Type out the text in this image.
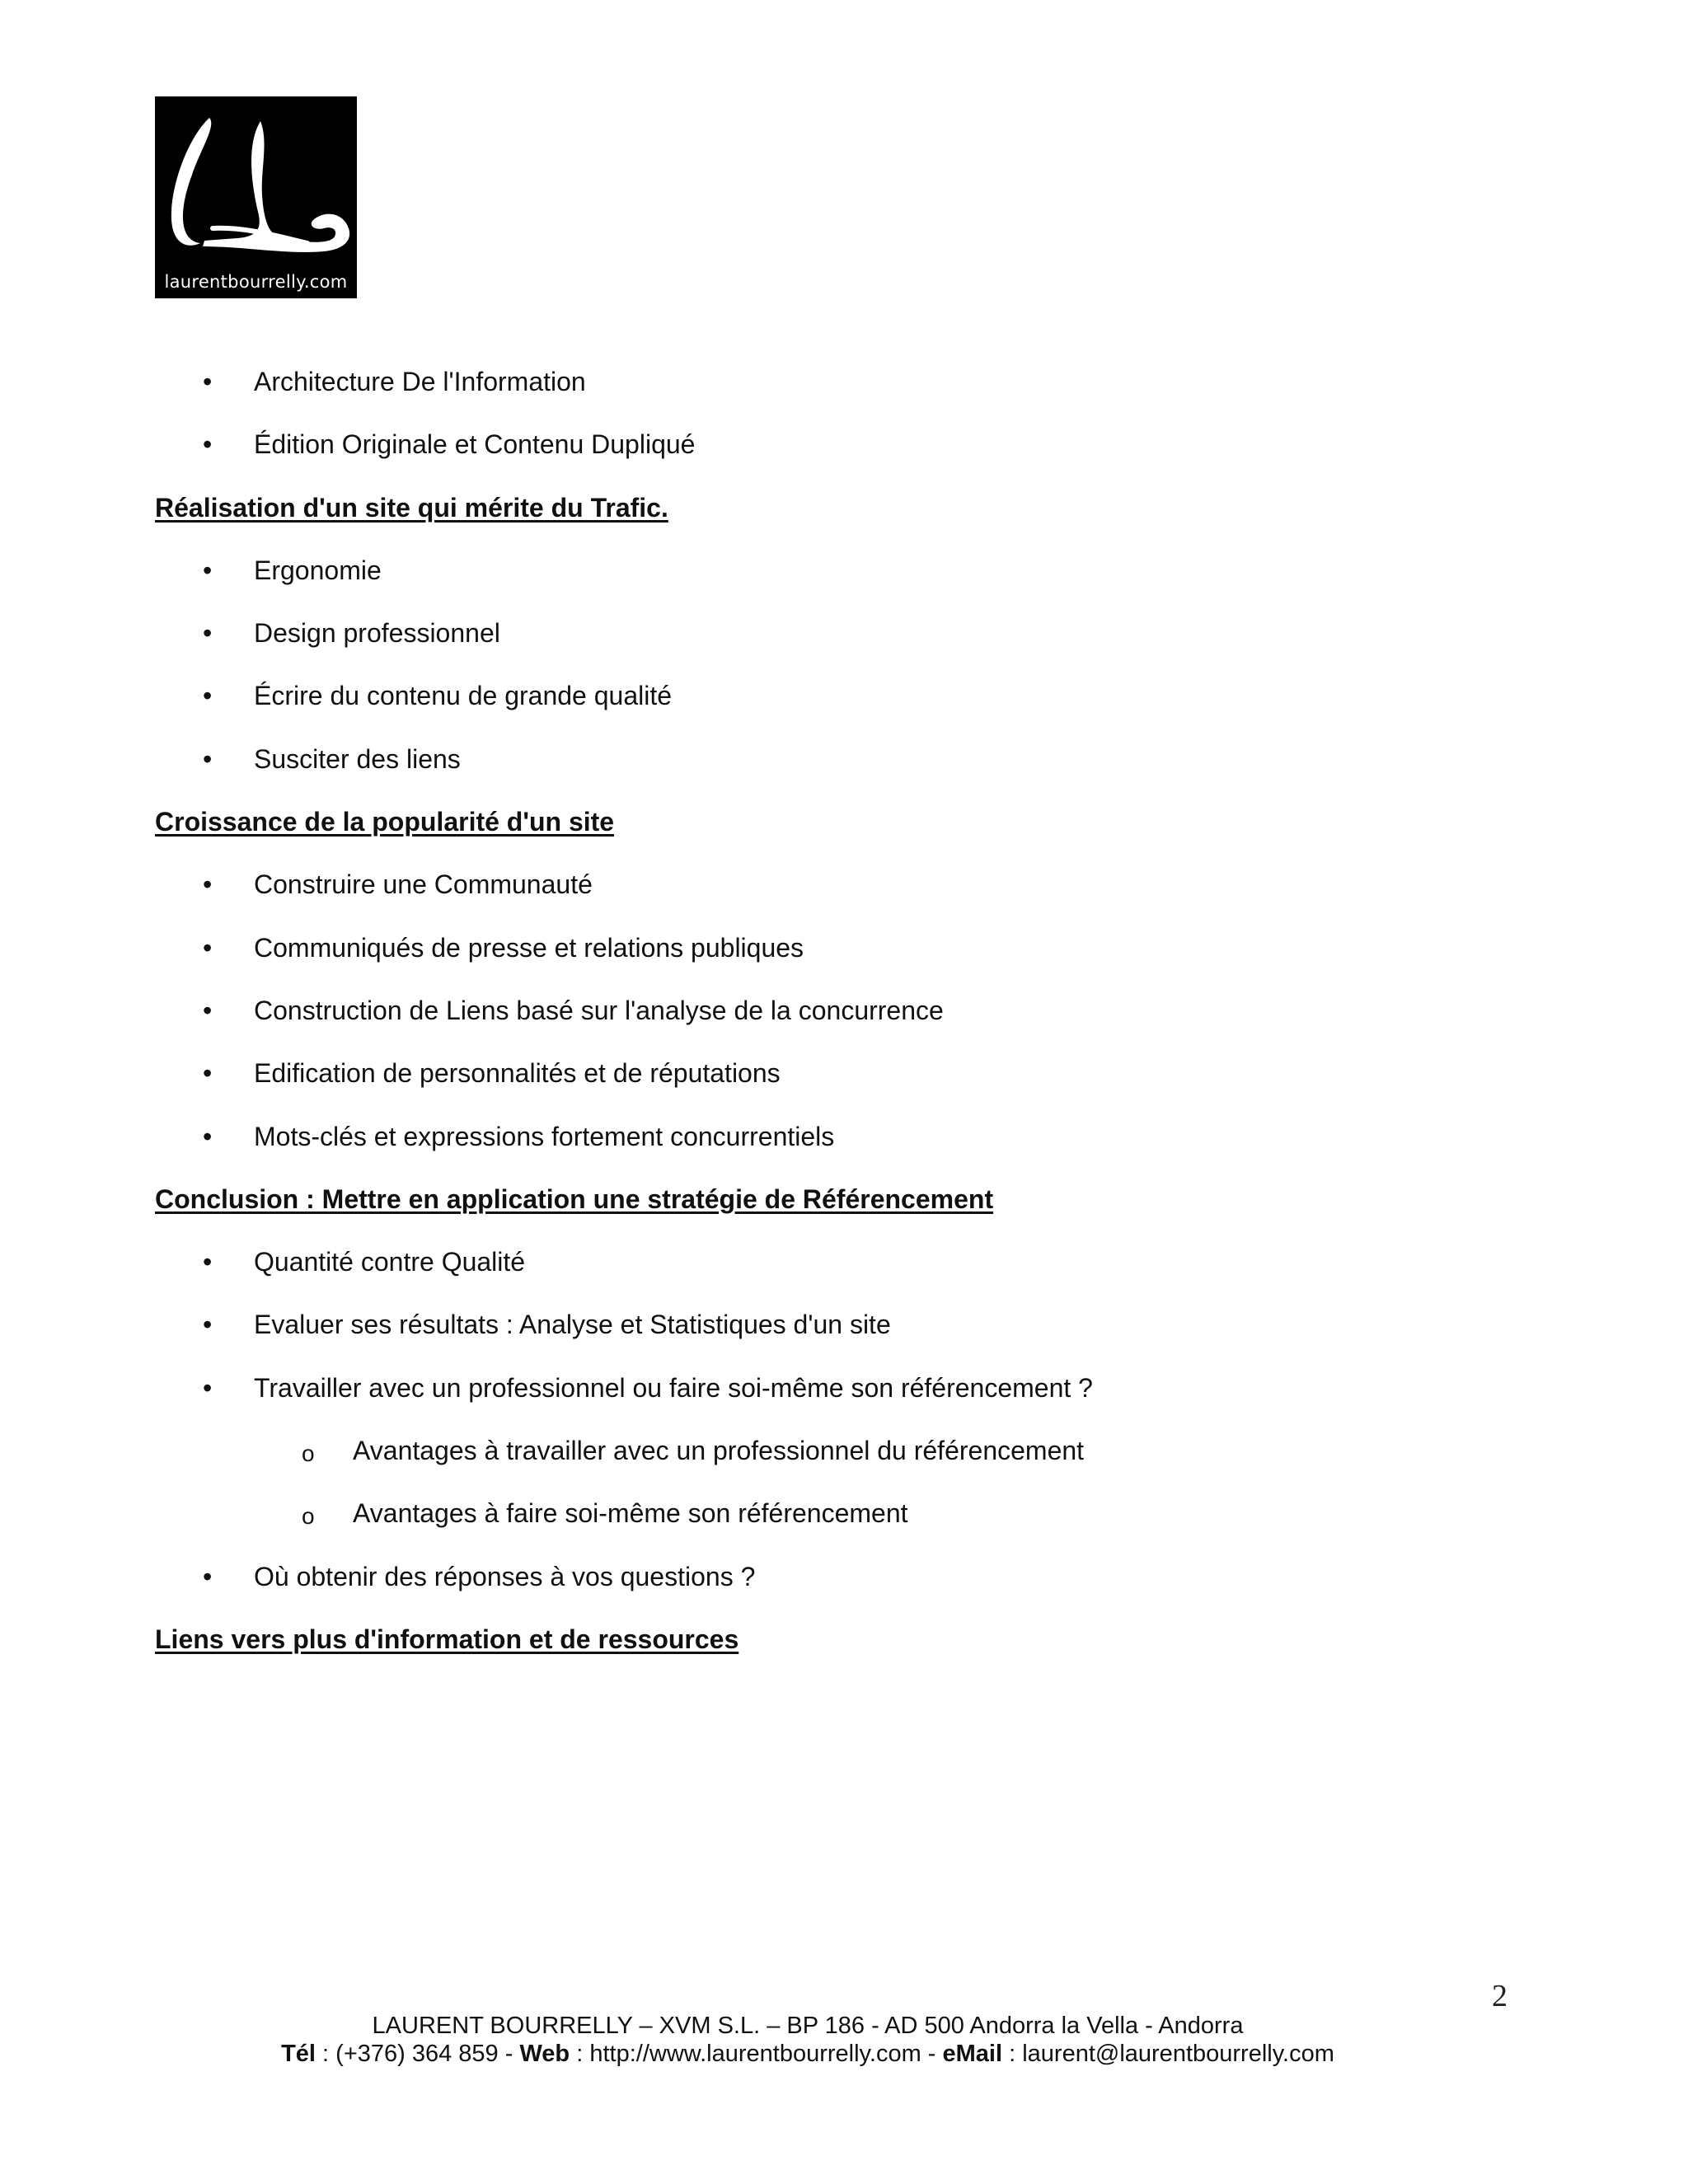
laurentbourrelly.com
• Architecture De l'Information
• Édition Originale et Contenu Dupliqué
Réalisation d'un site qui mérite du Trafic.
• Ergonomie
• Design professionnel
• Écrire du contenu de grande qualité
• Susciter des liens
Croissance de la popularité d'un site
• Construire une Communauté
• Communiqués de presse et relations publiques
• Construction de Liens basé sur l'analyse de la concurrence
• Edification de personnalités et de réputations
• Mots-clés et expressions fortement concurrentiels
Conclusion : Mettre en application une stratégie de Référencement
• Quantité contre Qualité
• Evaluer ses résultats : Analyse et Statistiques d'un site
• Travailler avec un professionnel ou faire soi-même son référencement ?
o Avantages à travailler avec un professionnel du référencement
o Avantages à faire soi-même son référencement
• Où obtenir des réponses à vos questions ?
Liens vers plus d'information et de ressources
2
LAURENT BOURRELLY – XVM S.L. – BP 186 - AD 500 Andorra la Vella - Andorra
Tél : (+376) 364 859 - Web : http://www.laurentbourrelly.com - eMail : laurent@laurentbourrelly.com
